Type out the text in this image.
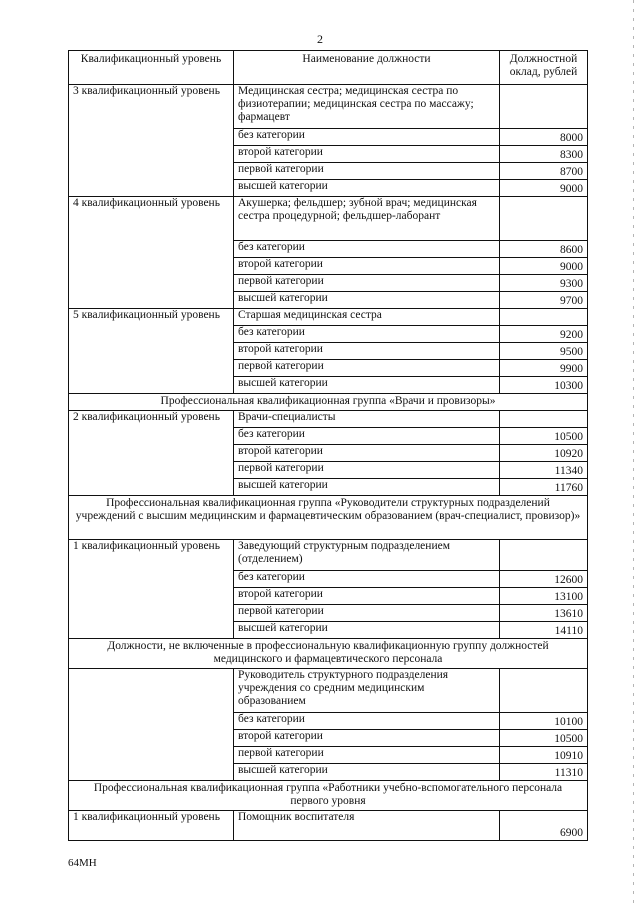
2
Квалификационный уровень	Наименование должности	Должностной оклад, рублей
3 квалификационный уровень	Медицинская сестра; медицинская сестра по физиотерапии; медицинская сестра по массажу; фармацевт	
	без категории	8000
	второй категории	8300
	первой категории	8700
	высшей категории	9000
4 квалификационный уровень	Акушерка; фельдшер; зубной врач; медицинская сестра процедурной; фельдшер-лаборант	
	без категории	8600
	второй категории	9000
	первой категории	9300
	высшей категории	9700
5 квалификационный уровень	Старшая медицинская сестра	
	без категории	9200
	второй категории	9500
	первой категории	9900
	высшей категории	10300
Профессиональная квалификационная группа «Врачи и провизоры»		
2 квалификационный уровень	Врачи-специалисты	
	без категории	10500
	второй категории	10920
	первой категории	11340
	высшей категории	11760
Профессиональная квалификационная группа «Руководители структурных подразделений учреждений с высшим медицинским и фармацевтическим образованием (врач-специалист, провизор)»		
1 квалификационный уровень	Заведующий структурным подразделением (отделением)	
	без категории	12600
	второй категории	13100
	первой категории	13610
	высшей категории	14110
Должности, не включенные в профессиональную квалификационную группу должностей медицинского и фармацевтического персонала		
	Руководитель структурного подразделения учреждения со средним медицинским образованием	
	без категории	10100
	второй категории	10500
	первой категории	10910
	высшей категории	11310
Профессиональная квалификационная группа «Работники учебно-вспомогательного персонала первого уровня		
1 квалификационный уровень	Помощник воспитателя	6900
64МН
